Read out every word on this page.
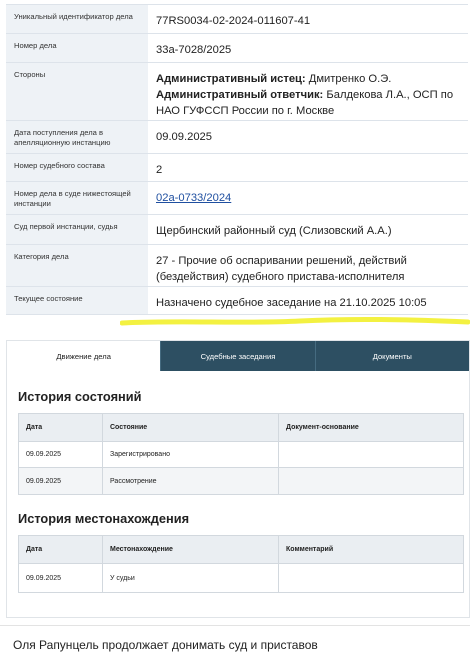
Уникальный идентификатор дела	77RS0034-02-2024-011607-41
Номер дела	33а-7028/2025
Стороны	Административный истец: Дмитренко О.Э.
Административный ответчик: Балдекова Л.А., ОСП по НАО ГУФССП России по г. Москве
Дата поступления дела в апелляционную инстанцию	09.09.2025
Номер судебного состава	2
Номер дела в суде нижестоящей инстанции	02а-0733/2024
Суд первой инстанции, судья	Щербинский районный суд (Слизовский А.А.)
Категория дела	27 - Прочие об оспаривании решений, действий (бездействия) судебного пристава-исполнителя
Текущее состояние	Назначено судебное заседание на 21.10.2025 10:05
Движение дела	Судебные заседания	Документы
История состояний
Дата	Состояние	Документ-основание
09.09.2025	Зарегистрировано
09.09.2025	Рассмотрение
История местонахождения
Дата	Местонахождение	Комментарий
09.09.2025	У судьи
Оля Рапунцель продолжает донимать суд и приставов
